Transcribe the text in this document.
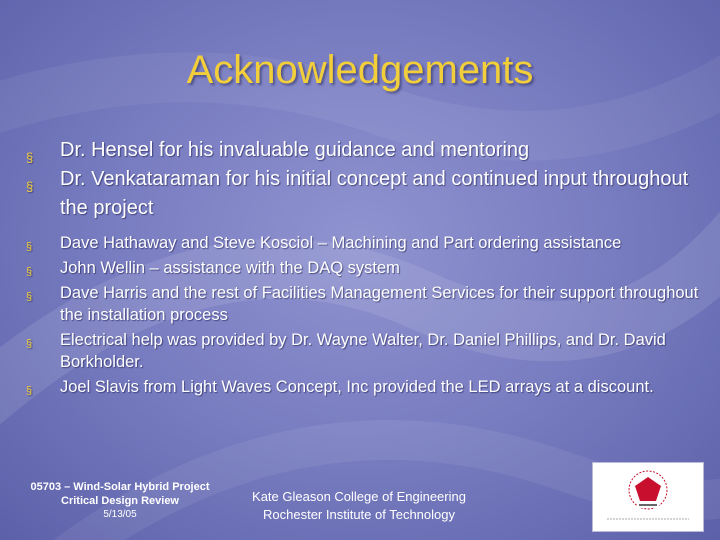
Acknowledgements
§ Dr. Hensel for his invaluable guidance and mentoring
§ Dr. Venkataraman for his initial concept and continued input throughout the project
§ Dave Hathaway and Steve Kosciol – Machining and Part ordering assistance
§ John Wellin – assistance with the DAQ system
§ Dave Harris and the rest of Facilities Management Services for their support throughout the installation process
§ Electrical help was provided by Dr. Wayne Walter, Dr. Daniel Phillips, and Dr. David Borkholder.
§ Joel Slavis from Light Waves Concept, Inc provided the LED arrays at a discount.
05703 – Wind-Solar Hybrid Project
Critical Design Review
5/13/05
Kate Gleason College of Engineering
Rochester Institute of Technology
